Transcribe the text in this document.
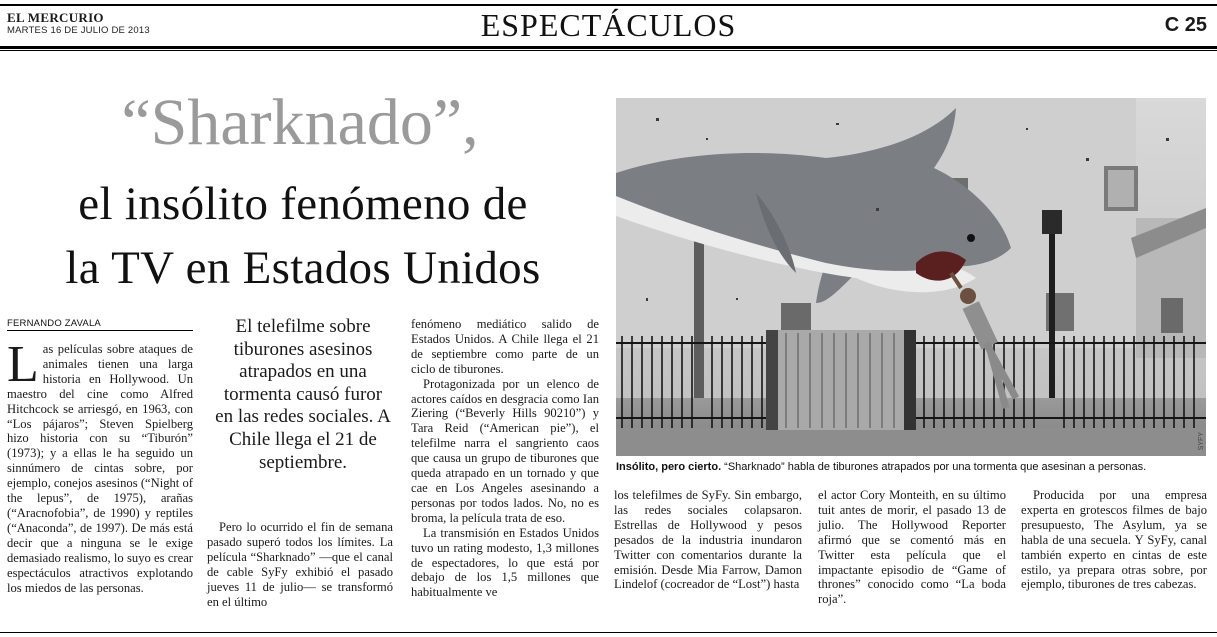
EL MERCURIO
MARTES 16 DE JULIO DE 2013	ESPECTÁCULOS	C 25
“Sharknado”,
el insólito fenómeno de
la TV en Estados Unidos
FERNANDO ZAVALA

Las películas sobre ataques de animales tienen una larga historia en Hollywood. Un maestro del cine como Alfred Hitchcock se arriesgó, en 1963, con “Los pájaros”; Steven Spielberg hizo historia con su “Tiburón” (1973); y a ellas le ha seguido un sinnúmero de cintas sobre, por ejemplo, conejos asesinos (“Night of the lepus”, de 1975), arañas (“Aracnofobia”, de 1990) y reptiles (“Anaconda”, de 1997). De más está decir que a ninguna se le exige demasiado realismo, lo suyo es crear espectáculos atractivos explotando los miedos de las personas.

El telefilme sobre tiburones asesinos atrapados en una tormenta causó furor en las redes sociales. A Chile llega el 21 de septiembre.

Pero lo ocurrido el fin de semana pasado superó todos los límites. La película “Sharknado” —que el canal de cable SyFy exhibió el pasado jueves 11 de julio— se transformó en el último

fenómeno mediático salido de Estados Unidos. A Chile llega el 21 de septiembre como parte de un ciclo de tiburones.

Protagonizada por un elenco de actores caídos en desgracia como Ian Ziering (“Beverly Hills 90210”) y Tara Reid (“American pie”), el telefilme narra el sangriento caos que causa un grupo de tiburones que queda atrapado en un tornado y que cae en Los Angeles asesinando a personas por todos lados. No, no es broma, la película trata de eso.

La transmisión en Estados Unidos tuvo un rating modesto, 1,3 millones de espectadores, lo que está por debajo de los 1,5 millones que habitualmente ve

SYFY
Insólito, pero cierto. “Sharknado” habla de tiburones atrapados por una tormenta que asesinan a personas.

los telefilmes de SyFy. Sin embargo, las redes sociales colapsaron. Estrellas de Hollywood y pesos pesados de la industria inundaron Twitter con comentarios durante la emisión. Desde Mia Farrow, Damon Lindelof (cocreador de “Lost”) hasta

el actor Cory Monteith, en su último tuit antes de morir, el pasado 13 de julio. The Hollywood Reporter afirmó que se comentó más en Twitter esta película que el impactante episodio de “Game of thrones” conocido como “La boda roja”.

Producida por una empresa experta en grotescos filmes de bajo presupuesto, The Asylum, ya se habla de una secuela. Y SyFy, canal también experto en cintas de este estilo, ya prepara otras sobre, por ejemplo, tiburones de tres cabezas.
